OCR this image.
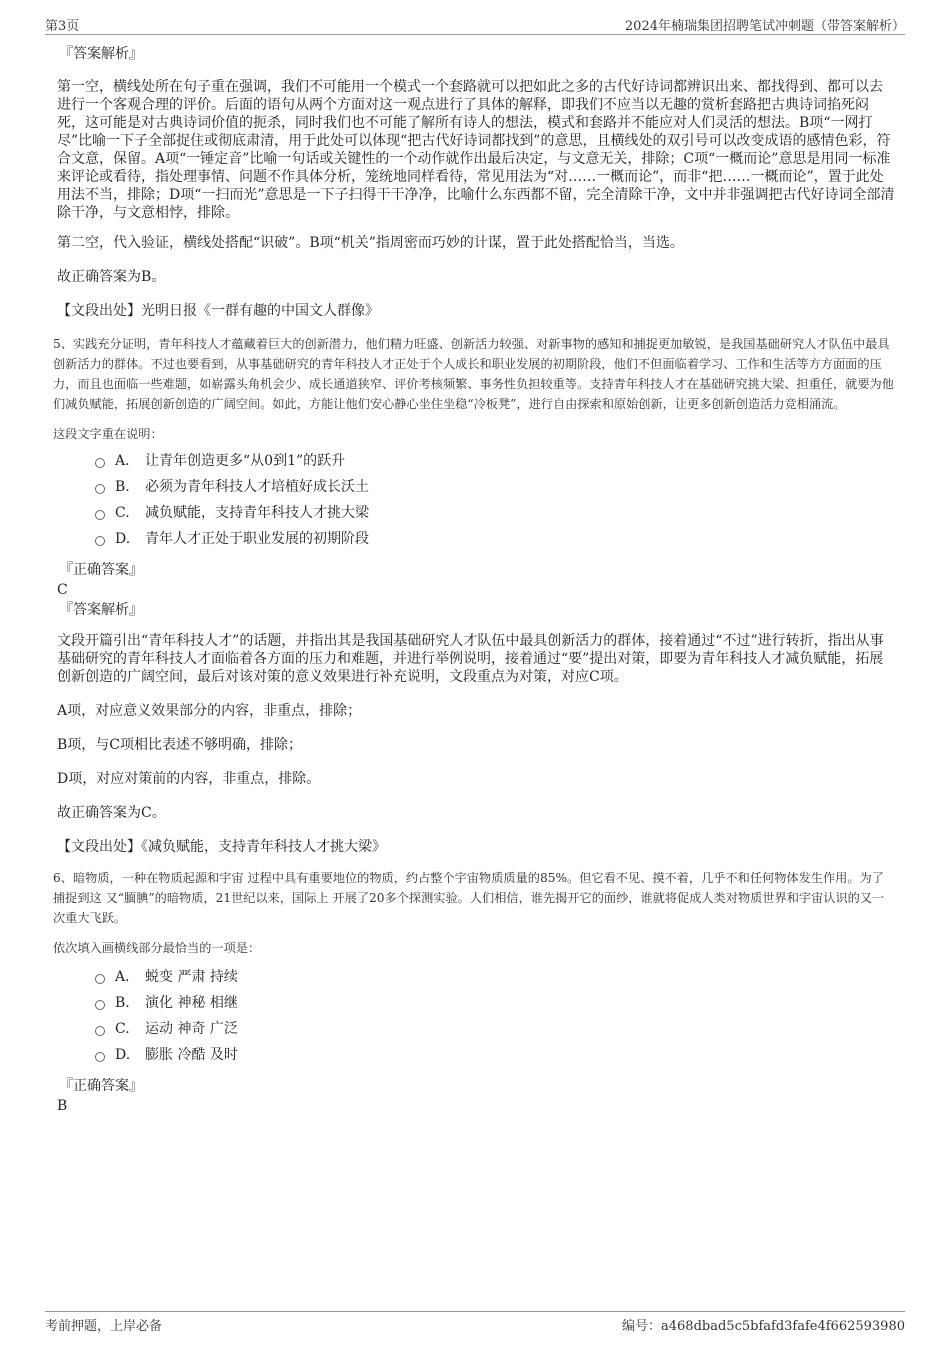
第3页	2024年楠瑞集团招聘笔试冲刺题（带答案解析）

『答案解析』

第一空，横线处所在句子重在强调，我们不可能用一个模式一个套路就可以把如此之多的古代好诗词都辨识出来、都找得到、都可以去进行一个客观合理的评价。后面的语句从两个方面对这一观点进行了具体的解释，即我们不应当以无趣的赏析套路把古典诗词掐死闷死，这可能是对古典诗词价值的扼杀，同时我们也不可能了解所有诗人的想法，模式和套路并不能应对人们灵活的想法。B项“一网打尽”比喻一下子全部捉住或彻底肃清，用于此处可以体现“把古代好诗词都找到”的意思，且横线处的双引号可以改变成语的感情色彩，符合文意，保留。A项“一锤定音”比喻一句话或关键性的一个动作就作出最后决定，与文意无关，排除；C项“一概而论”意思是用同一标准来评论或看待，指处理事情、问题不作具体分析，笼统地同样看待，常见用法为“对……一概而论”，而非“把……一概而论”，置于此处用法不当，排除；D项“一扫而光”意思是一下子扫得干干净净，比喻什么东西都不留，完全清除干净，文中并非强调把古代好诗词全部清除干净，与文意相悖，排除。

第二空，代入验证，横线处搭配“识破”。B项“机关”指周密而巧妙的计谋，置于此处搭配恰当，当选。

故正确答案为B。

【文段出处】光明日报《一群有趣的中国文人群像》

5、实践充分证明，青年科技人才蕴藏着巨大的创新潜力，他们精力旺盛、创新活力较强、对新事物的感知和捕捉更加敏锐，是我国基础研究人才队伍中最具创新活力的群体。不过也要看到，从事基础研究的青年科技人才正处于个人成长和职业发展的初期阶段，他们不但面临着学习、工作和生活等方方面面的压力，而且也面临一些难题，如崭露头角机会少、成长通道狭窄、评价考核频繁、事务性负担较重等。支持青年科技人才在基础研究挑大梁、担重任，就要为他们减负赋能，拓展创新创造的广阔空间。如此，方能让他们安心静心坐住坐稳“冷板凳”，进行自由探索和原始创新，让更多创新创造活力竞相涌流。

这段文字重在说明：

A． 让青年创造更多“从0到1”的跃升
B.	必须为青年科技人才培植好成长沃土
C.	减负赋能，支持青年科技人才挑大梁
D.	青年人才正处于职业发展的初期阶段

『正确答案』

C

『答案解析』

文段开篇引出“青年科技人才”的话题，并指出其是我国基础研究人才队伍中最具创新活力的群体，接着通过“不过”进行转折，指出从事基础研究的青年科技人才面临着各方面的压力和难题，并进行举例说明，接着通过“要”提出对策，即要为青年科技人才减负赋能，拓展创新创造的广阔空间，最后对该对策的意义效果进行补充说明，文段重点为对策，对应C项。

A项，对应意义效果部分的内容，非重点，排除；

B项，与C项相比表述不够明确，排除；

D项，对应对策前的内容，非重点，排除。

故正确答案为C。

【文段出处】《减负赋能，支持青年科技人才挑大梁》

6、暗物质，一种在物质起源和宇宙 过程中具有重要地位的物质，约占整个宇宙物质质量的85%。但它看不见、摸不着，几乎不和任何物体发生作用。为了捕捉到这 又“腼腆”的暗物质，21世纪以来，国际上 开展了20多个探测实验。人们相信，谁先揭开它的面纱，谁就将促成人类对物质世界和宇宙认识的又一次重大飞跃。

依次填入画横线部分最恰当的一项是：

A． 蜕变 严肃 持续
B.	演化 神秘 相继
C.	运动 神奇 广泛
D.	膨胀 冷酷 及时

『正确答案』

B

考前押题，上岸必备	编号：a468dbad5c5bfafd3fafe4f662593980
